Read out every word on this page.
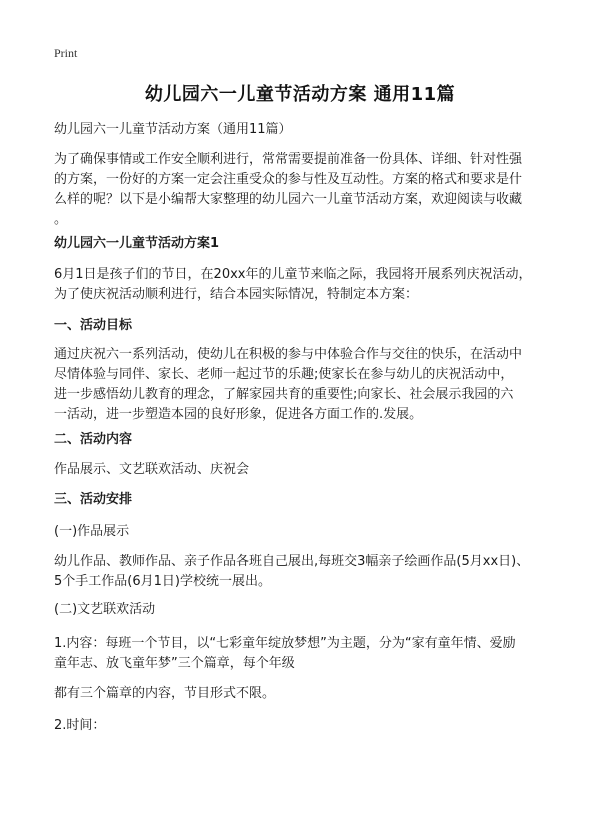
Print
幼儿园六一儿童节活动方案 通用11篇
幼儿园六一儿童节活动方案（通用11篇）
为了确保事情或工作安全顺利进行，常常需要提前准备一份具体、详细、针对性强
的方案，一份好的方案一定会注重受众的参与性及互动性。方案的格式和要求是什
么样的呢？以下是小编帮大家整理的幼儿园六一儿童节活动方案，欢迎阅读与收藏
。
幼儿园六一儿童节活动方案1
6月1日是孩子们的节日，在20xx年的儿童节来临之际，我园将开展系列庆祝活动，
为了使庆祝活动顺利进行，结合本园实际情况，特制定本方案：
一、活动目标
通过庆祝六一系列活动，使幼儿在积极的参与中体验合作与交往的快乐，在活动中
尽情体验与同伴、家长、老师一起过节的乐趣;使家长在参与幼儿的庆祝活动中，
进一步感悟幼儿教育的理念，了解家园共育的重要性;向家长、社会展示我园的六
一活动，进一步塑造本园的良好形象，促进各方面工作的.发展。
二、活动内容
作品展示、文艺联欢活动、庆祝会
三、活动安排
(一)作品展示
幼儿作品、教师作品、亲子作品各班自己展出,每班交3幅亲子绘画作品(5月xx日)、
5个手工作品(6月1日)学校统一展出。
(二)文艺联欢活动
1.内容：每班一个节目，以“七彩童年绽放梦想”为主题，分为“家有童年情、爱励
童年志、放飞童年梦”三个篇章，每个年级
都有三个篇章的内容，节目形式不限。
2.时间：
